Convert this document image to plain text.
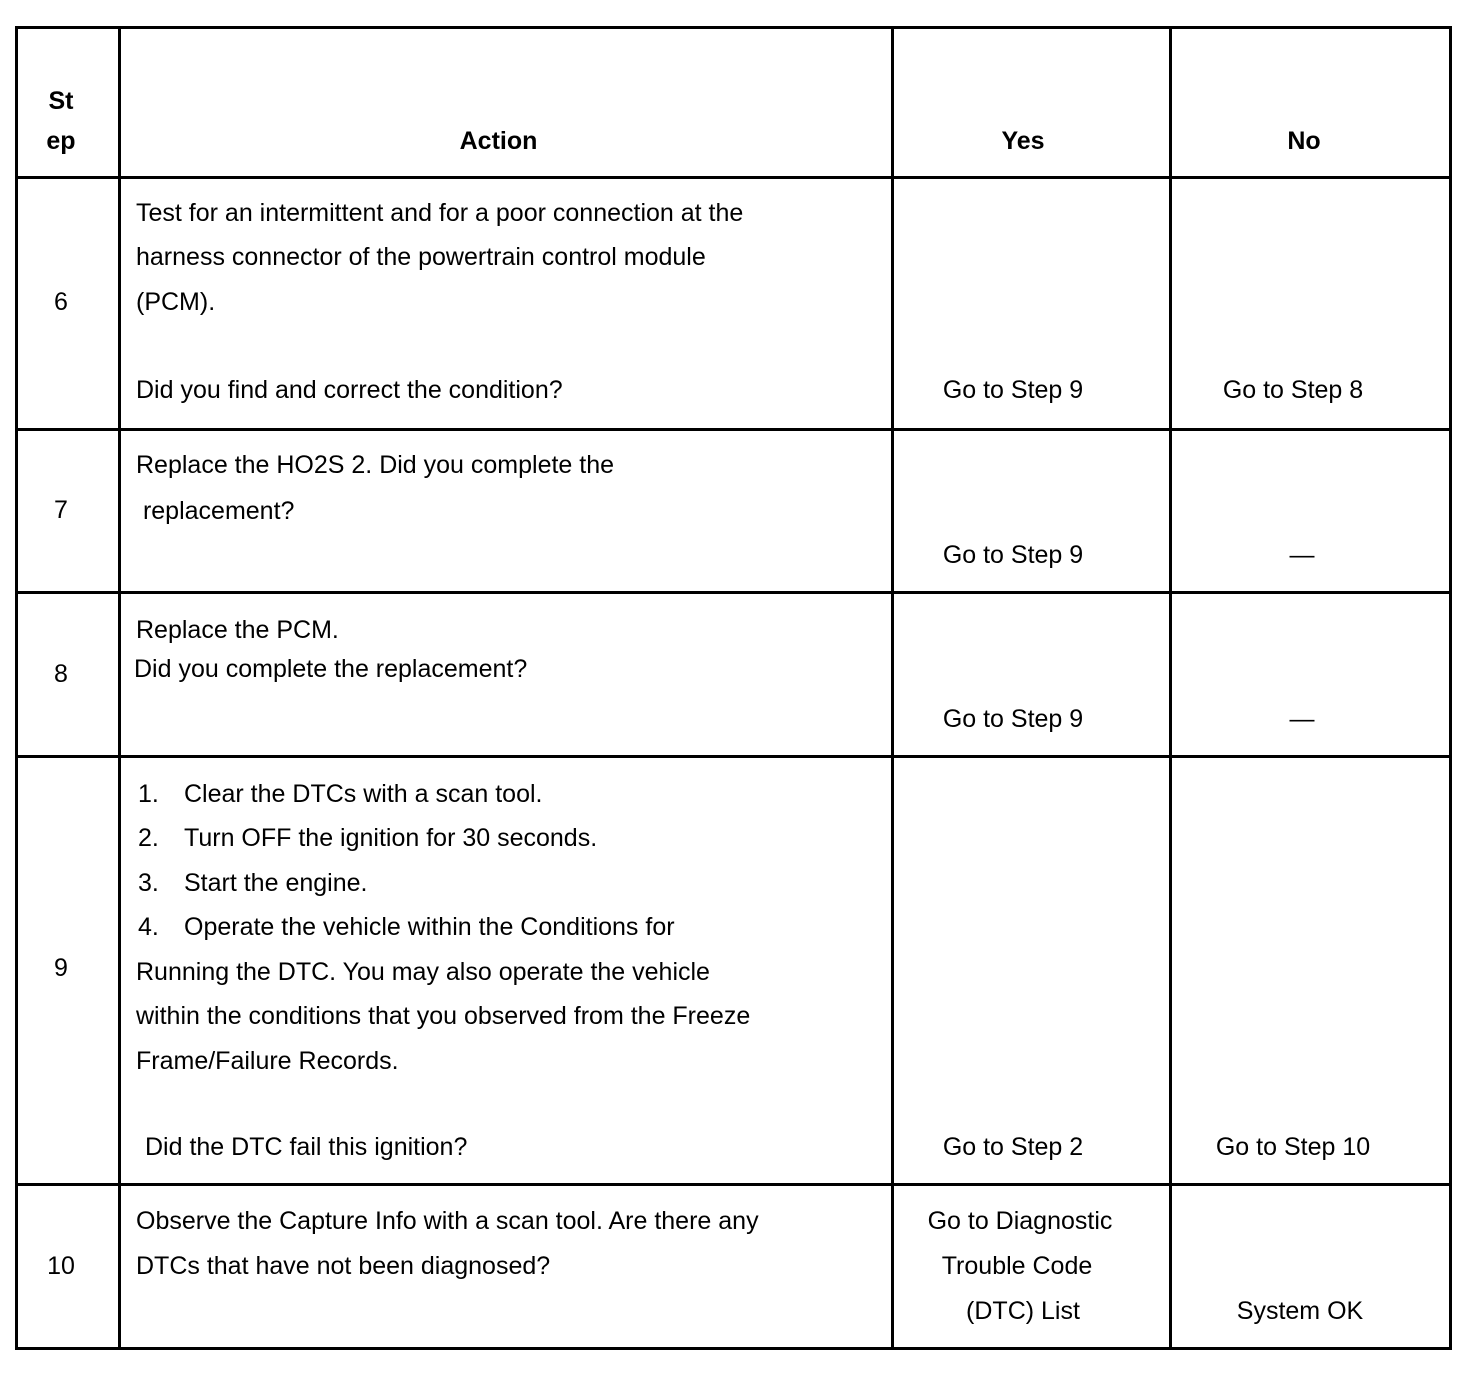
St
ep	Action	Yes	No
6
Test for an intermittent and for a poor connection at the
harness connector of the powertrain control module
(PCM).
Did you find and correct the condition?	Go to Step 9	Go to Step 8
7
Replace the HO2S 2. Did you complete the
replacement?
Go to Step 9	—
8
Replace the PCM.
Did you complete the replacement?
Go to Step 9	—
9
1. Clear the DTCs with a scan tool.
2. Turn OFF the ignition for 30 seconds.
3. Start the engine.
4. Operate the vehicle within the Conditions for
Running the DTC. You may also operate the vehicle
within the conditions that you observed from the Freeze
Frame/Failure Records.
Did the DTC fail this ignition?	Go to Step 2	Go to Step 10
10
Observe the Capture Info with a scan tool. Are there any
DTCs that have not been diagnosed?
Go to Diagnostic
Trouble Code
(DTC) List	System OK
